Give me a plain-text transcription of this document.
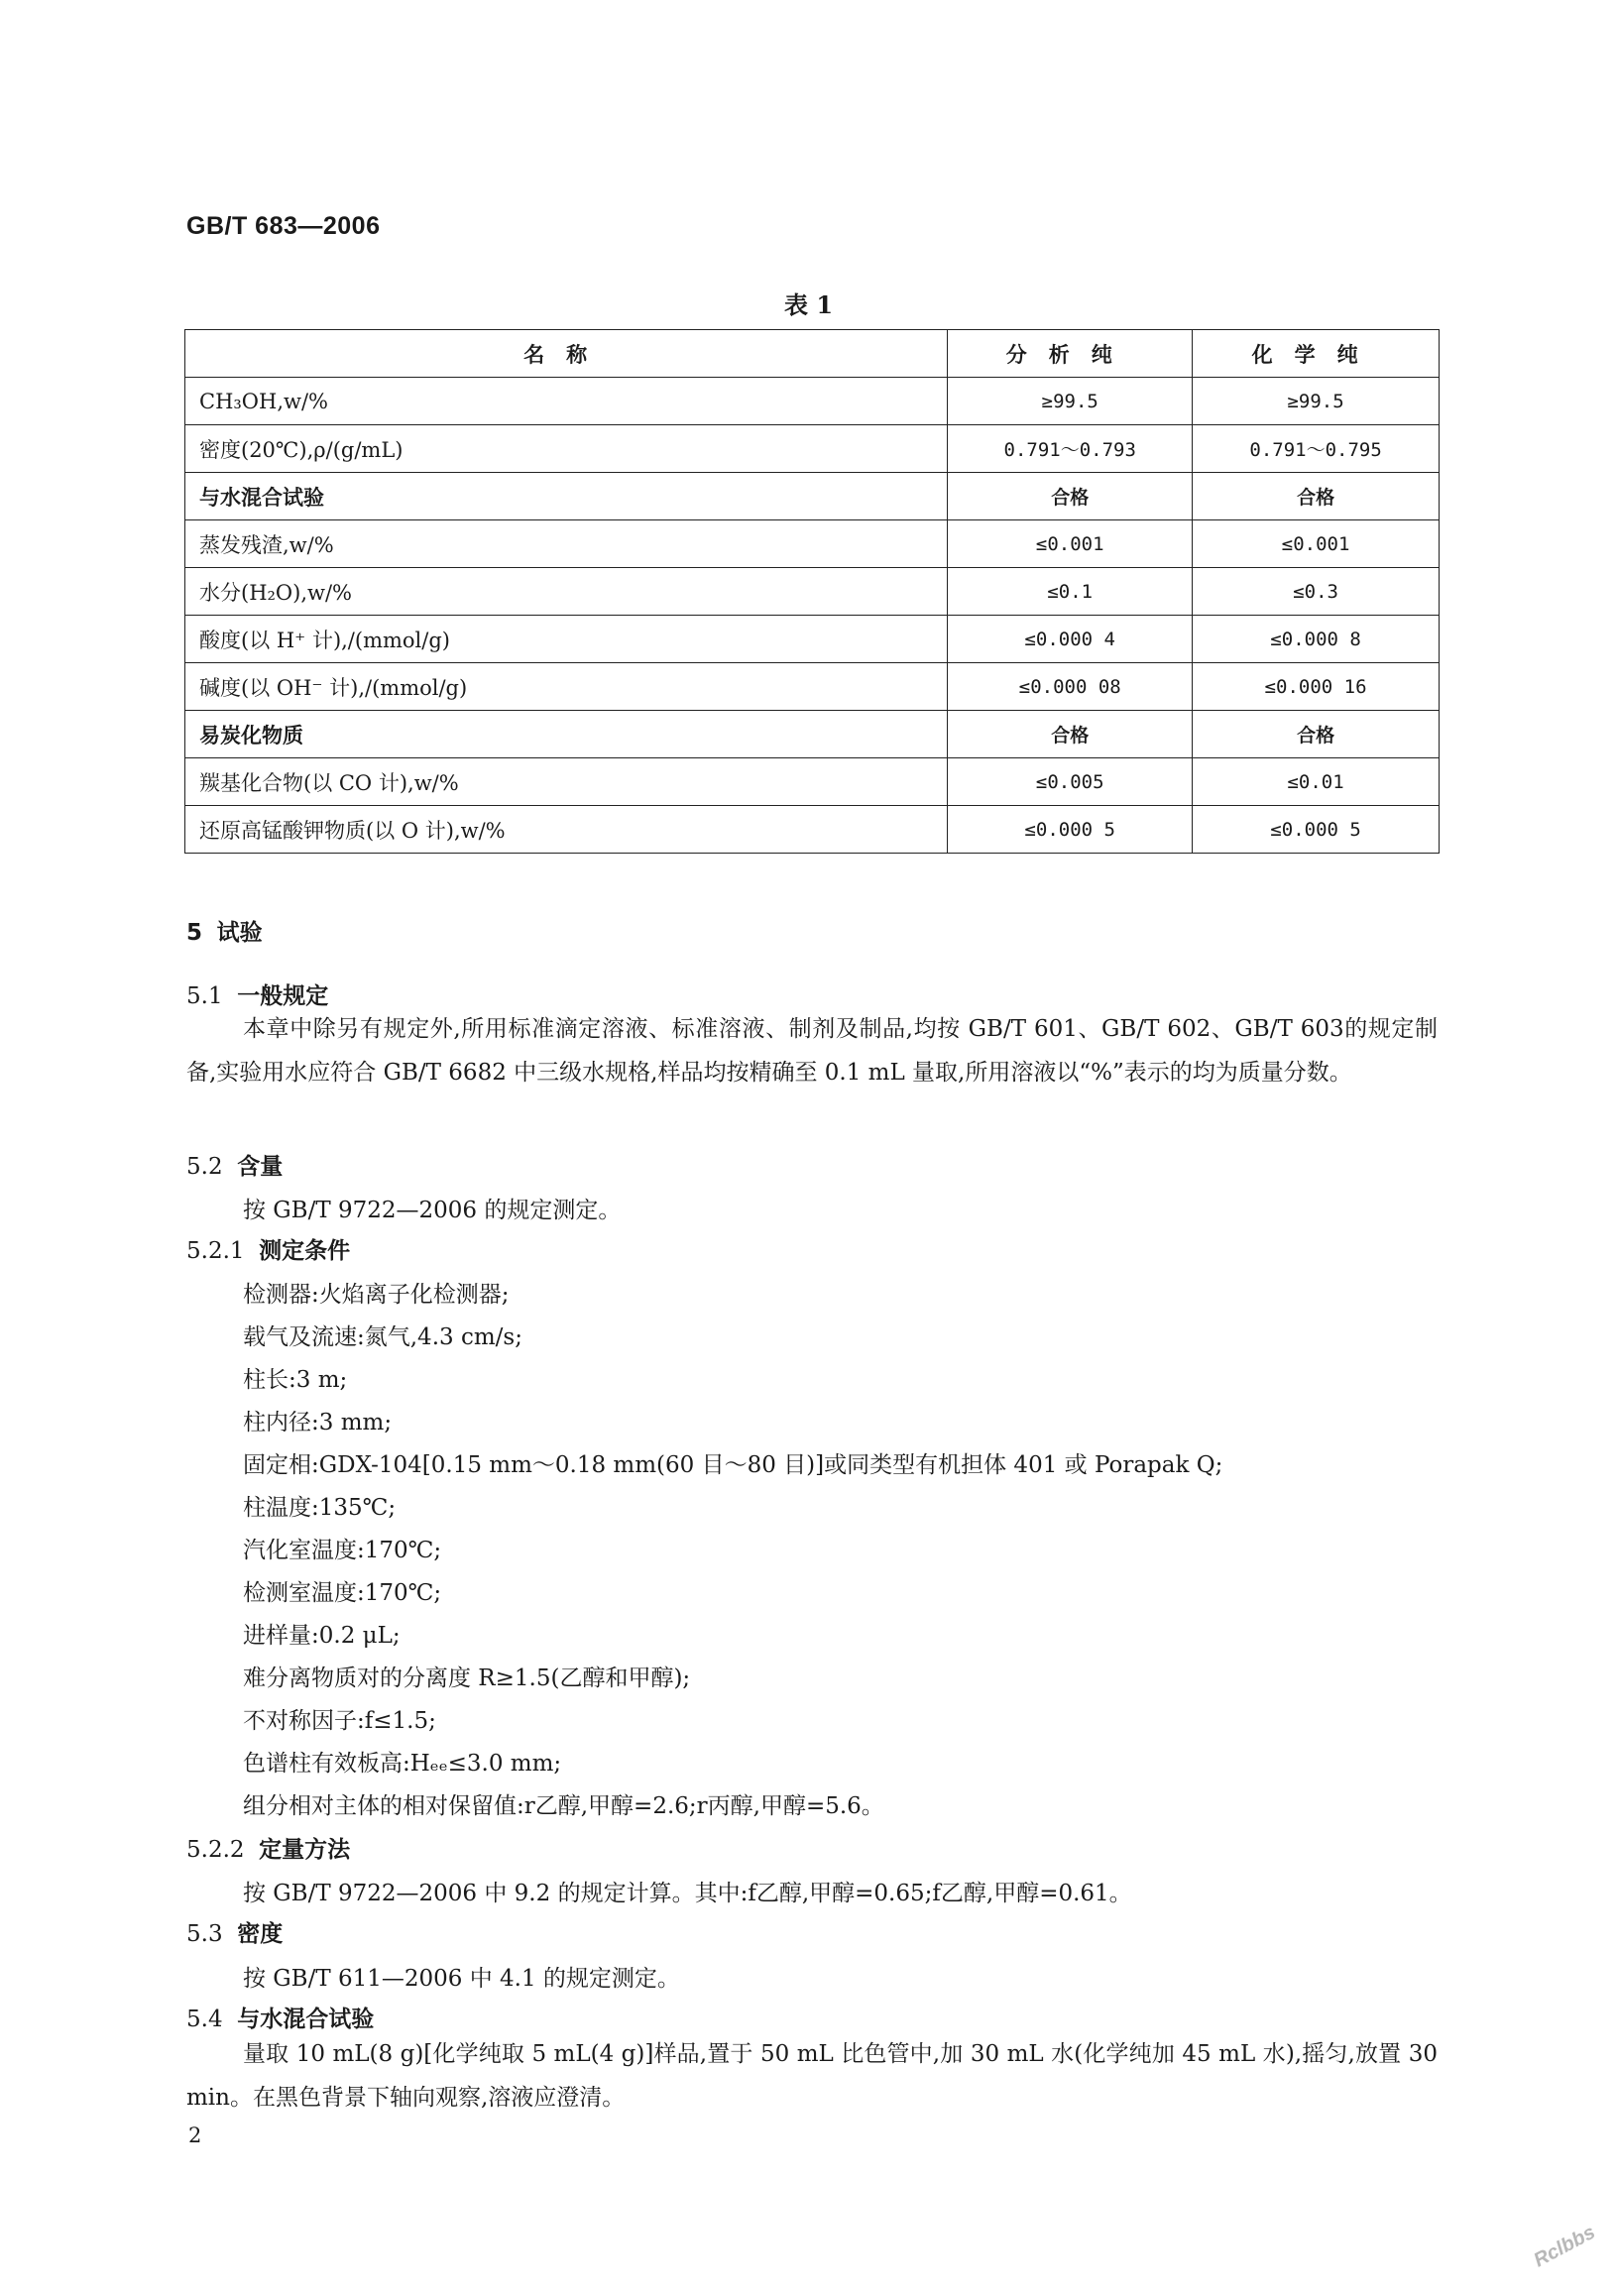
GB/T 683—2006
表 1
名称	分析纯	化学纯
CH₃OH,w/%	≥99.5	≥99.5
密度(20℃),ρ/(g/mL)	0.791～0.793	0.791～0.795
与水混合试验	合格	合格
蒸发残渣,w/%	≤0.001	≤0.001
水分(H₂O),w/%	≤0.1	≤0.3
酸度(以 H⁺ 计),/(mmol/g)	≤0.000 4	≤0.000 8
碱度(以 OH⁻ 计),/(mmol/g)	≤0.000 08	≤0.000 16
易炭化物质	合格	合格
羰基化合物(以 CO 计),w/%	≤0.005	≤0.01
还原高锰酸钾物质(以 O 计),w/%	≤0.000 5	≤0.000 5
5 试验
5.1 一般规定
本章中除另有规定外,所用标准滴定溶液、标准溶液、制剂及制品,均按 GB/T 601、GB/T 602、GB/T 603的规定制备,实验用水应符合 GB/T 6682 中三级水规格,样品均按精确至 0.1 mL 量取,所用溶液以“%”表示的均为质量分数。
5.2 含量
按 GB/T 9722—2006 的规定测定。
5.2.1 测定条件
检测器:火焰离子化检测器;
载气及流速:氮气,4.3 cm/s;
柱长:3 m;
柱内径:3 mm;
固定相:GDX-104[0.15 mm～0.18 mm(60 目～80 目)]或同类型有机担体 401 或 Porapak Q;
柱温度:135℃;
汽化室温度:170℃;
检测室温度:170℃;
进样量:0.2 μL;
难分离物质对的分离度 R≥1.5(乙醇和甲醇);
不对称因子:f≤1.5;
色谱柱有效板高:Hₑₑ≤3.0 mm;
组分相对主体的相对保留值:r乙醇,甲醇=2.6;r丙醇,甲醇=5.6。
5.2.2 定量方法
按 GB/T 9722—2006 中 9.2 的规定计算。其中:f乙醇,甲醇=0.65;f乙醇,甲醇=0.61。
5.3 密度
按 GB/T 611—2006 中 4.1 的规定测定。
5.4 与水混合试验
量取 10 mL(8 g)[化学纯取 5 mL(4 g)]样品,置于 50 mL 比色管中,加 30 mL 水(化学纯加 45 mL 水),摇匀,放置 30 min。在黑色背景下轴向观察,溶液应澄清。
2
Rclbbs
